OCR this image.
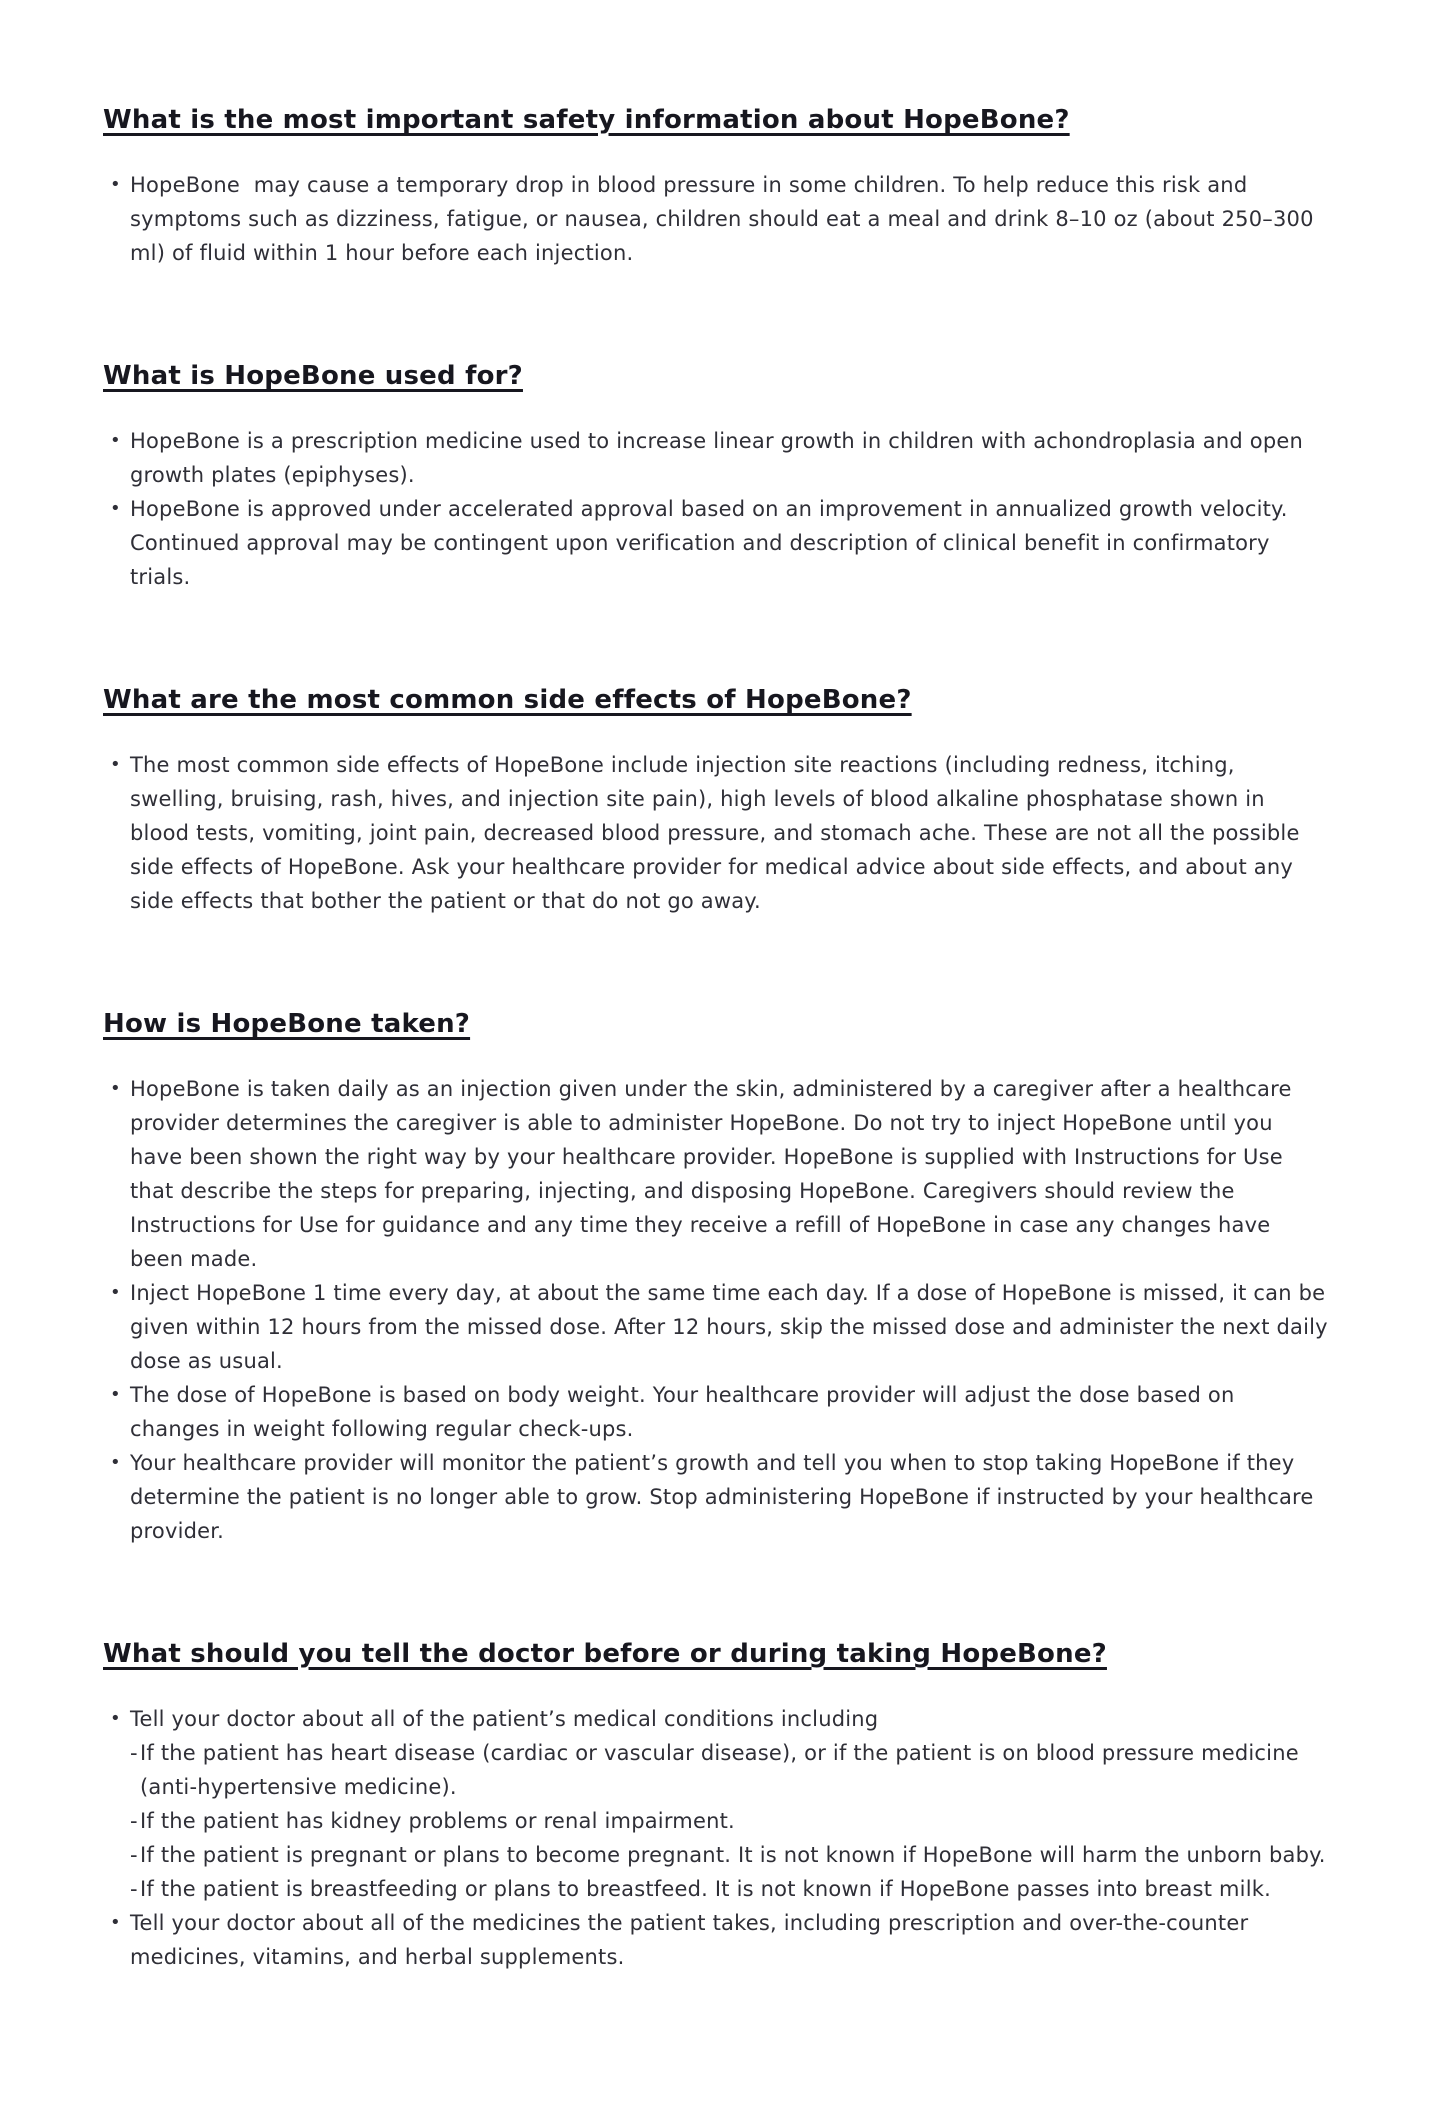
What is the most important safety information about HopeBone?
• HopeBone  may cause a temporary drop in blood pressure in some children. To help reduce this risk and symptoms such as dizziness, fatigue, or nausea, children should eat a meal and drink 8–10 oz (about 250–300 ml) of fluid within 1 hour before each injection.
What is HopeBone used for?
• HopeBone is a prescription medicine used to increase linear growth in children with achondroplasia and open growth plates (epiphyses).
• HopeBone is approved under accelerated approval based on an improvement in annualized growth velocity. Continued approval may be contingent upon verification and description of clinical benefit in confirmatory trials.
What are the most common side effects of HopeBone?
• The most common side effects of HopeBone include injection site reactions (including redness, itching, swelling, bruising, rash, hives, and injection site pain), high levels of blood alkaline phosphatase shown in blood tests, vomiting, joint pain, decreased blood pressure, and stomach ache. These are not all the possible side effects of HopeBone. Ask your healthcare provider for medical advice about side effects, and about any side effects that bother the patient or that do not go away.
How is HopeBone taken?
• HopeBone is taken daily as an injection given under the skin, administered by a caregiver after a healthcare provider determines the caregiver is able to administer HopeBone. Do not try to inject HopeBone until you have been shown the right way by your healthcare provider. HopeBone is supplied with Instructions for Use that describe the steps for preparing, injecting, and disposing HopeBone. Caregivers should review the Instructions for Use for guidance and any time they receive a refill of HopeBone in case any changes have been made.
• Inject HopeBone 1 time every day, at about the same time each day. If a dose of HopeBone is missed, it can be given within 12 hours from the missed dose. After 12 hours, skip the missed dose and administer the next daily dose as usual.
• The dose of HopeBone is based on body weight. Your healthcare provider will adjust the dose based on changes in weight following regular check-ups.
• Your healthcare provider will monitor the patient’s growth and tell you when to stop taking HopeBone if they determine the patient is no longer able to grow. Stop administering HopeBone if instructed by your healthcare provider.
What should you tell the doctor before or during taking HopeBone?
• Tell your doctor about all of the patient’s medical conditions including
- If the patient has heart disease (cardiac or vascular disease), or if the patient is on blood pressure medicine (anti-hypertensive medicine).
- If the patient has kidney problems or renal impairment.
- If the patient is pregnant or plans to become pregnant. It is not known if HopeBone will harm the unborn baby.
- If the patient is breastfeeding or plans to breastfeed. It is not known if HopeBone passes into breast milk.
• Tell your doctor about all of the medicines the patient takes, including prescription and over-the-counter medicines, vitamins, and herbal supplements.
